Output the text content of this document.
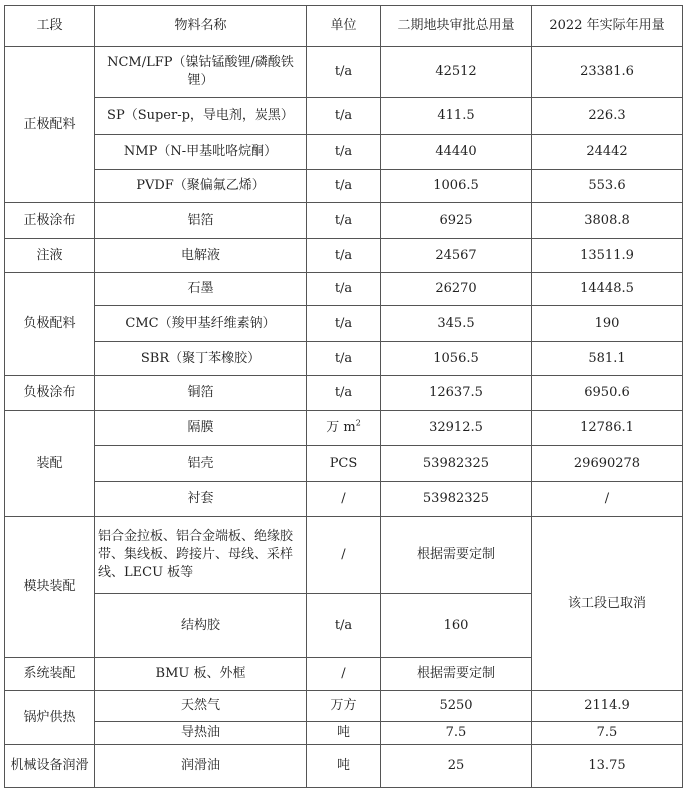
工段	物料名称	单位	二期地块审批总用量	2022 年实际年用量
正极配料	NCM/LFP（镍钴锰酸锂/磷酸铁锂）	t/a	42512	23381.6
	SP（Super-p，导电剂，炭黑）	t/a	411.5	226.3
	NMP（N-甲基吡咯烷酮）	t/a	44440	24442
	PVDF（聚偏氟乙烯）	t/a	1006.5	553.6
正极涂布	铝箔	t/a	6925	3808.8
注液	电解液	t/a	24567	13511.9
负极配料	石墨	t/a	26270	14448.5
	CMC（羧甲基纤维素钠）	t/a	345.5	190
	SBR（聚丁苯橡胶）	t/a	1056.5	581.1
负极涂布	铜箔	t/a	12637.5	6950.6
装配	隔膜	万 $m^2$	32912.5	12786.1
	铝壳	PCS	53982325	29690278
	衬套	/	53982325	/
模块装配	铝合金拉板、铝合金端板、绝缘胶带、集线板、跨接片、母线、采样线、LECU 板等	/	根据需要定制	该工段已取消
	结构胶	t/a	160	
系统装配	BMU 板、外框	/	根据需要定制	
锅炉供热	天然气	万方	5250	2114.9
	导热油	吨	7.5	7.5
机械设备润滑	润滑油	吨	25	13.75
